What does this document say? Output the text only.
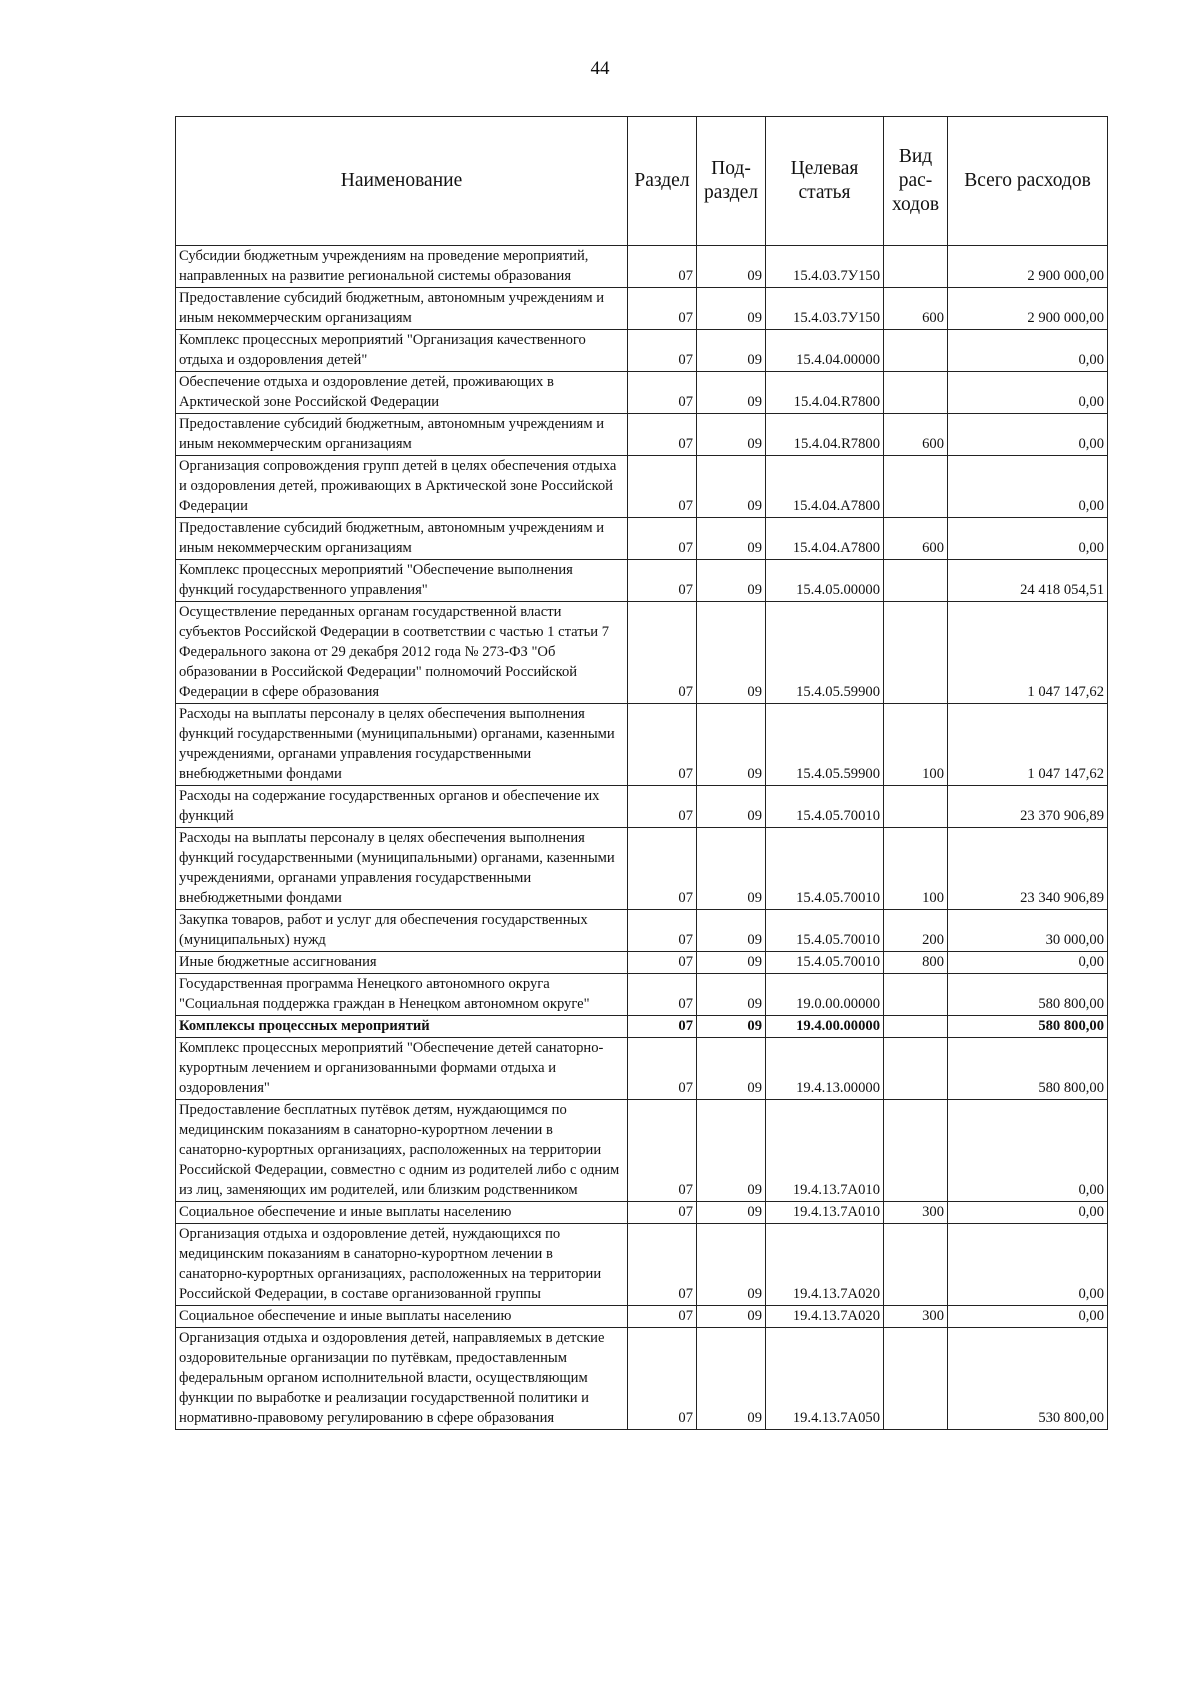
44
Наименование	Раздел	Под-раздел	Целевая статья	Вид рас-ходов	Всего расходов
Субсидии бюджетным учреждениям на проведение мероприятий, направленных на развитие региональной системы образования	07	09	15.4.03.7У150		2 900 000,00
Предоставление субсидий бюджетным, автономным учреждениям и иным некоммерческим организациям	07	09	15.4.03.7У150	600	2 900 000,00
Комплекс процессных мероприятий "Организация качественного отдыха и оздоровления детей"	07	09	15.4.04.00000		0,00
Обеспечение отдыха и оздоровление детей, проживающих в Арктической зоне Российской Федерации	07	09	15.4.04.R7800		0,00
Предоставление субсидий бюджетным, автономным учреждениям и иным некоммерческим организациям	07	09	15.4.04.R7800	600	0,00
Организация сопровождения групп детей в целях обеспечения отдыха и оздоровления детей, проживающих в Арктической зоне Российской Федерации	07	09	15.4.04.A7800		0,00
Предоставление субсидий бюджетным, автономным учреждениям и иным некоммерческим организациям	07	09	15.4.04.A7800	600	0,00
Комплекс процессных мероприятий "Обеспечение выполнения функций государственного управления"	07	09	15.4.05.00000		24 418 054,51
Осуществление переданных органам государственной власти субъектов Российской Федерации в соответствии с частью 1 статьи 7 Федерального закона от 29 декабря 2012 года № 273-ФЗ "Об образовании в Российской Федерации" полномочий Российской Федерации в сфере образования	07	09	15.4.05.59900		1 047 147,62
Расходы на выплаты персоналу в целях обеспечения выполнения функций государственными (муниципальными) органами, казенными учреждениями, органами управления государственными внебюджетными фондами	07	09	15.4.05.59900	100	1 047 147,62
Расходы на содержание государственных органов и обеспечение их функций	07	09	15.4.05.70010		23 370 906,89
Расходы на выплаты персоналу в целях обеспечения выполнения функций государственными (муниципальными) органами, казенными учреждениями, органами управления государственными внебюджетными фондами	07	09	15.4.05.70010	100	23 340 906,89
Закупка товаров, работ и услуг для обеспечения государственных (муниципальных) нужд	07	09	15.4.05.70010	200	30 000,00
Иные бюджетные ассигнования	07	09	15.4.05.70010	800	0,00
Государственная программа Ненецкого автономного округа "Социальная поддержка граждан в Ненецком автономном округе"	07	09	19.0.00.00000		580 800,00
Комплексы процессных мероприятий	07	09	19.4.00.00000		580 800,00
Комплекс процессных мероприятий "Обеспечение детей санаторно-курортным лечением и организованными формами отдыха и оздоровления"	07	09	19.4.13.00000		580 800,00
Предоставление бесплатных путёвок детям, нуждающимся по медицинским показаниям в санаторно-курортном лечении в санаторно-курортных организациях, расположенных на территории Российской Федерации, совместно с одним из родителей либо с одним из лиц, заменяющих им родителей, или близким родственником	07	09	19.4.13.7А010		0,00
Социальное обеспечение и иные выплаты населению	07	09	19.4.13.7А010	300	0,00
Организация отдыха и оздоровление детей, нуждающихся по медицинским показаниям в санаторно-курортном лечении в санаторно-курортных организациях, расположенных на территории Российской Федерации, в составе организованной группы	07	09	19.4.13.7А020		0,00
Социальное обеспечение и иные выплаты населению	07	09	19.4.13.7А020	300	0,00
Организация отдыха и оздоровления детей, направляемых в детские оздоровительные организации по путёвкам, предоставленным федеральным органом исполнительной власти, осуществляющим функции по выработке и реализации государственной политики и нормативно-правовому регулированию в сфере образования	07	09	19.4.13.7А050		530 800,00
